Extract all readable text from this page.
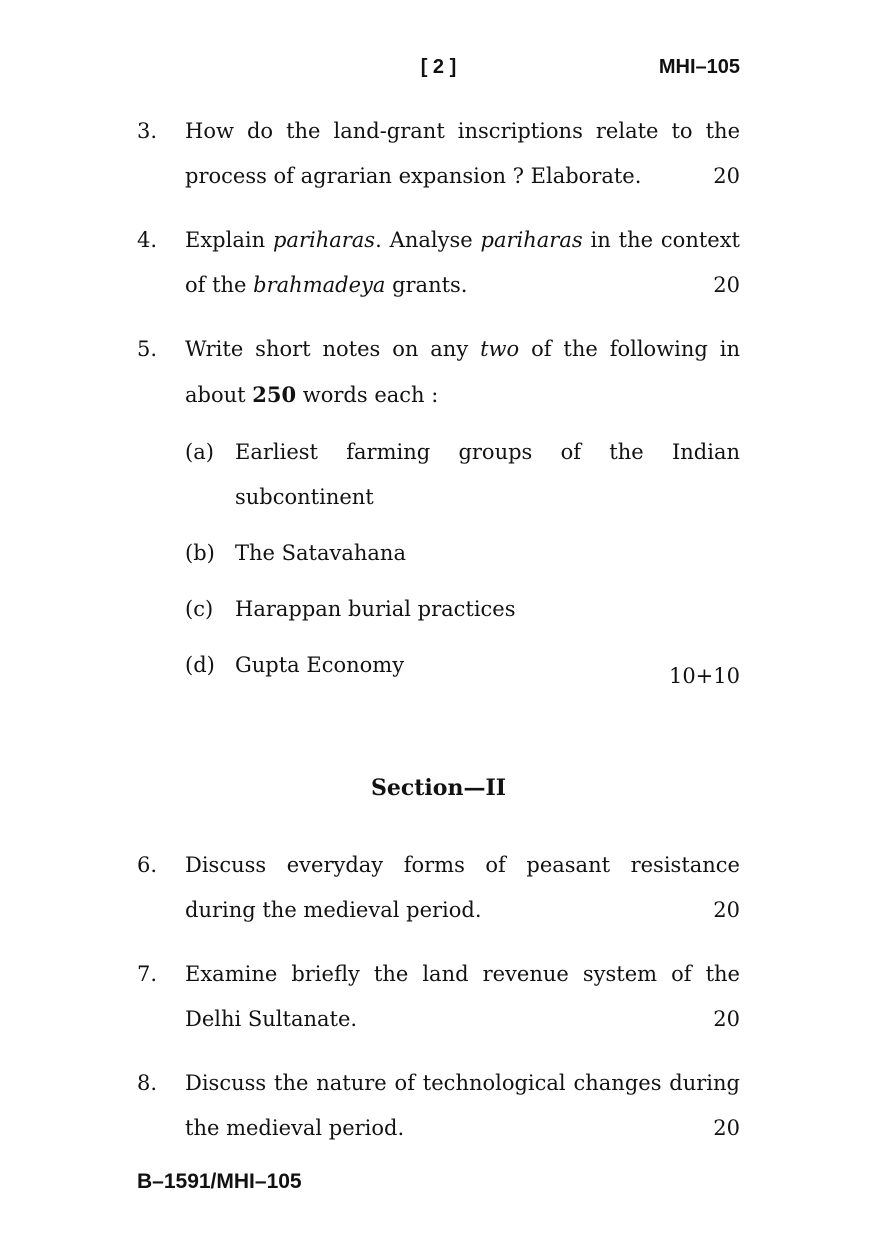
[ 2 ]	MHI–105
3.	How do the land-grant inscriptions relate to the process of agrarian expansion ? Elaborate.	20
4.	Explain pariharas. Analyse pariharas in the context of the brahmadeya grants.	20
5.	Write short notes on any two of the following in about 250 words each :
10+10

(a)	Earliest farming groups of the Indian subcontinent

(b) The Satavahana

(c)	Harappan burial practices

(d) Gupta Economy

Section—II
6.	Discuss everyday forms of peasant resistance during the medieval period.	20
7.	Examine briefly the land revenue system of the Delhi Sultanate.	20
8.	Discuss the nature of technological changes during the medieval period.	20
B–1591/MHI–105
